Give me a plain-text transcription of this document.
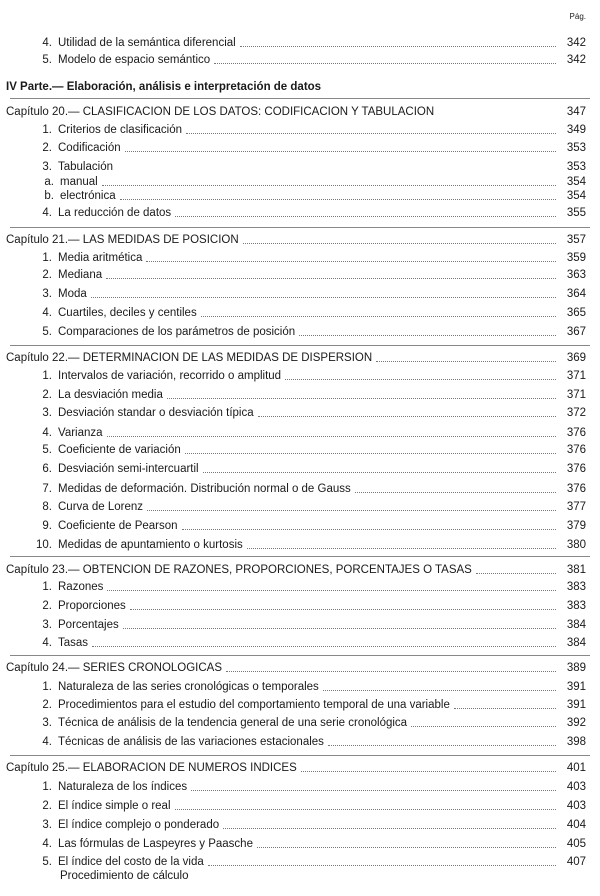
Pág.
4. Utilidad de la semántica diferencial	342
5. Modelo de espacio semántico	342
IV Parte.— Elaboración, análisis e interpretación de datos
Capítulo 20.— CLASIFICACION DE LOS DATOS: CODIFICACION Y TABULACION	347
1. Criterios de clasificación	349
2. Codificación	353
3. Tabulación	353
a. manual	354
b. electrónica	354
4. La reducción de datos	355
Capítulo 21.— LAS MEDIDAS DE POSICION	357
1. Media aritmética	359
2. Mediana	363
3. Moda	364
4. Cuartiles, deciles y centiles	365
5. Comparaciones de los parámetros de posición	367
Capítulo 22.— DETERMINACION DE LAS MEDIDAS DE DISPERSION	369
1. Intervalos de variación, recorrido o amplitud	371
2. La desviación media	371
3. Desviación standar o desviación típica	372
4. Varianza	376
5. Coeficiente de variación	376
6. Desviación semi-intercuartil	376
7. Medidas de deformación. Distribución normal o de Gauss	376
8. Curva de Lorenz	377
9. Coeficiente de Pearson	379
10. Medidas de apuntamiento o kurtosis	380
Capítulo 23.— OBTENCION DE RAZONES, PROPORCIONES, PORCENTAJES O TASAS	381
1. Razones	383
2. Proporciones	383
3. Porcentajes	384
4. Tasas	384
Capítulo 24.— SERIES CRONOLOGICAS	389
1. Naturaleza de las series cronológicas o temporales	391
2. Procedimientos para el estudio del comportamiento temporal de una variable	391
3. Técnica de análisis de la tendencia general de una serie cronológica	392
4. Técnicas de análisis de las variaciones estacionales	398
Capítulo 25.— ELABORACION DE NUMEROS INDICES	401
1. Naturaleza de los índices	403
2. El índice simple o real	403
3. El índice complejo o ponderado	404
4. Las fórmulas de Laspeyres y Paasche	405
5. El índice del costo de la vida	407
Procedimiento de cálculo
